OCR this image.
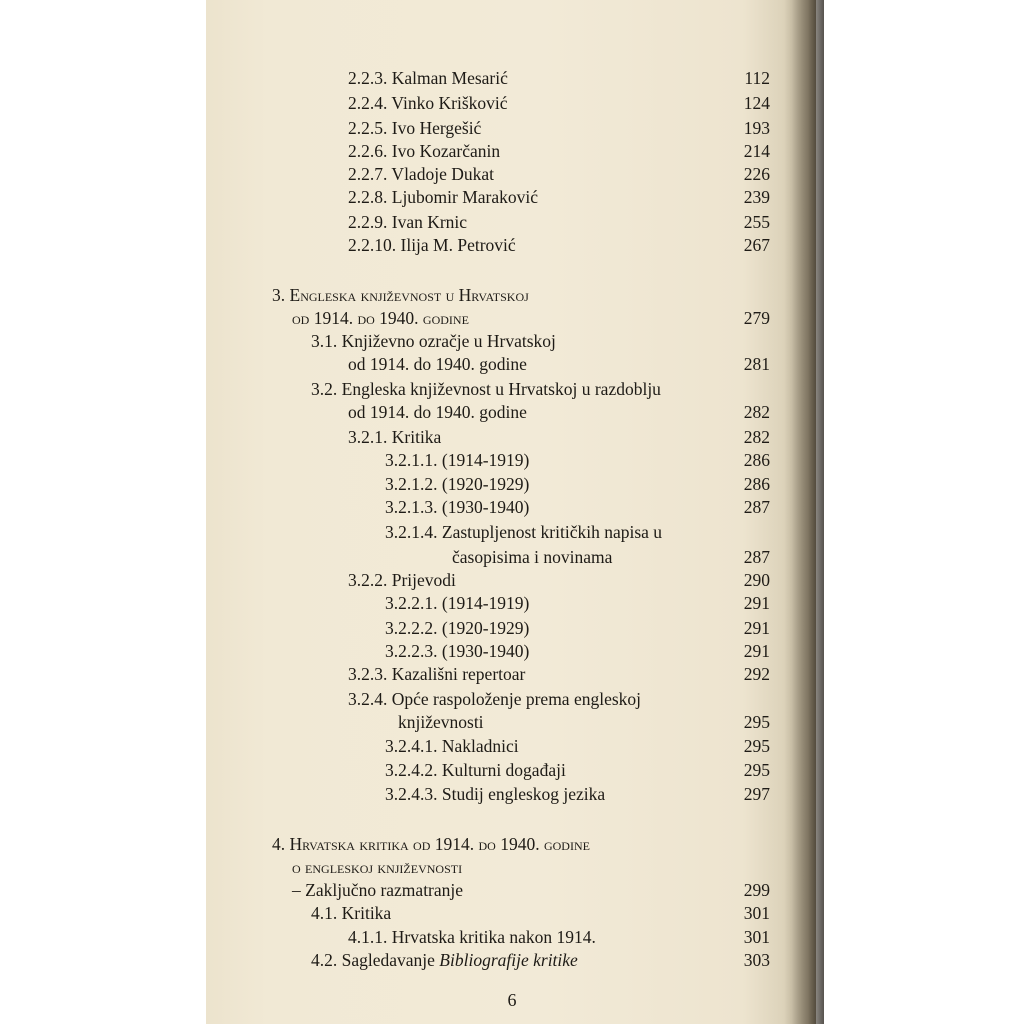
2.2.3. Kalman Mesarić	112
2.2.4. Vinko Krišković	124
2.2.5. Ivo Hergešić	193
2.2.6. Ivo Kozarčanin	214
2.2.7. Vladoje Dukat	226
2.2.8. Ljubomir Maraković	239
2.2.9. Ivan Krnic	255
2.2.10. Ilija M. Petrović	267
3. Engleska književnost u Hrvatskoj
od 1914. do 1940. godine	279
3.1. Književno ozračje u Hrvatskoj
od 1914. do 1940. godine	281
3.2. Engleska književnost u Hrvatskoj u razdoblju
od 1914. do 1940. godine	282
3.2.1. Kritika	282
3.2.1.1. (1914-1919)	286
3.2.1.2. (1920-1929)	286
3.2.1.3. (1930-1940)	287
3.2.1.4. Zastupljenost kritičkih napisa u
časopisima i novinama	287
3.2.2. Prijevodi	290
3.2.2.1. (1914-1919)	291
3.2.2.2. (1920-1929)	291
3.2.2.3. (1930-1940)	291
3.2.3. Kazališni repertoar	292
3.2.4. Opće raspoloženje prema engleskoj
književnosti	295
3.2.4.1. Nakladnici	295
3.2.4.2. Kulturni događaji	295
3.2.4.3. Studij engleskog jezika	297
4. Hrvatska kritika od 1914. do 1940. godine
o engleskoj književnosti
– Zaključno razmatranje	299
4.1. Kritika	301
4.1.1. Hrvatska kritika nakon 1914.	301
4.2. Sagledavanje Bibliografije kritike	303
6
